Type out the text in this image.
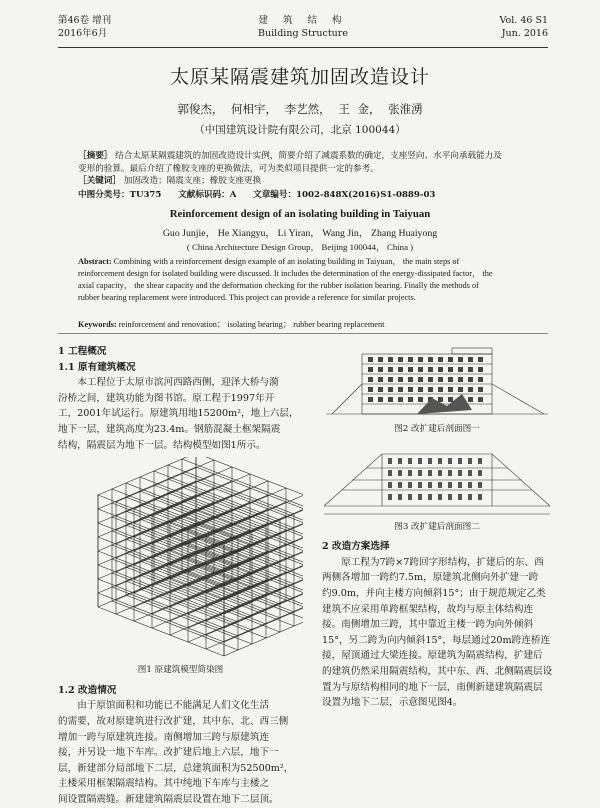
第46卷 增刊
2016年6月
建 筑 结 构
Building Structure
Vol. 46 S1
Jun. 2016
太原某隔震建筑加固改造设计
郭俊杰， 何相宇， 李艺然， 王 金， 张淮湧
（中国建筑设计院有限公司，北京 100044）
［摘要］ 结合太原某隔震建筑的加固改造设计实例，简要介绍了减震系数的确定，支座竖向、水平向承载能力及
变形的验算。最后介绍了橡胶支座的更换做法，可为类似项目提供一定的参考。
［关键词］ 加固改造；隔震支座；橡胶支座更换
中图分类号：TU375 文献标识码：A 文章编号：1002-848X(2016)S1-0889-03
Reinforcement design of an isolating building in Taiyuan
Guo Junjie， He Xiangyu， Li Yiran， Wang Jin， Zhang Huaiyong
( China Architecture Design Group， Beijing 100044， China )
Abstract: Combining with a reinforcement design example of an isolating building in Taiyuan， the main steps of
reinforcement design for isolated building were discussed. It includes the determination of the energy-dissipated factor， the
axial capacity， the shear capacity and the deformation checking for the rubber isolation bearing. Finally the methods of
rubber bearing replacement were introduced. This project can provide a reference for similar projects.
Keywords: reinforcement and renovation； isolating bearing； rubber bearing replacement
1 工程概况
1.1 原有建筑概况
本工程位于太原市滨河西路西侧，迎泽大桥与漪
汾桥之间，建筑功能为图书馆。原工程于1997年开
工，2001年试运行。原建筑用地15200m²，地上六层，
地下一层，建筑高度为23.4m。钢筋混凝土框架隔震
结构，隔震层为地下一层。结构模型如图1所示。
图1 原建筑模型简染图
1.2 改造情况
由于原馆面积和功能已不能满足人们文化生活
的需要，故对原建筑进行改扩建，其中东、北、西三侧
增加一跨与原建筑连接。南侧增加三跨与原建筑连
接，并另设一地下车库。改扩建后地上六层，地下一
层，新建部分局部地下二层，总建筑面积为52500m²，
主楼采用框架隔震结构。其中纯地下车库与主楼之
间设置隔震缝。新建建筑隔震层设置在地下二层顶。
图2 改扩建后剖面图一
图3 改扩建后剖面图二
2 改造方案选择
原工程为7跨×7跨回字形结构，扩建后的东、西
两侧各增加一跨约7.5m，原建筑北侧向外扩建一跨
约9.0m，并向主楼方向倾斜15°；由于规范规定乙类
建筑不应采用单跨框架结构，故均与原主体结构连
接。南侧增加三跨，其中靠近主楼一跨为向外倾斜
15°，另二跨为向内倾斜15°，每层通过20m跨连桥连
接，屋顶通过大梁连接。原建筑为隔震结构，扩建后
的建筑仍然采用隔震结构，其中东、西、北侧隔震层设
置为与原结构相同的地下一层，南侧新建建筑隔震层
设置为地下二层，示意图见图4。
